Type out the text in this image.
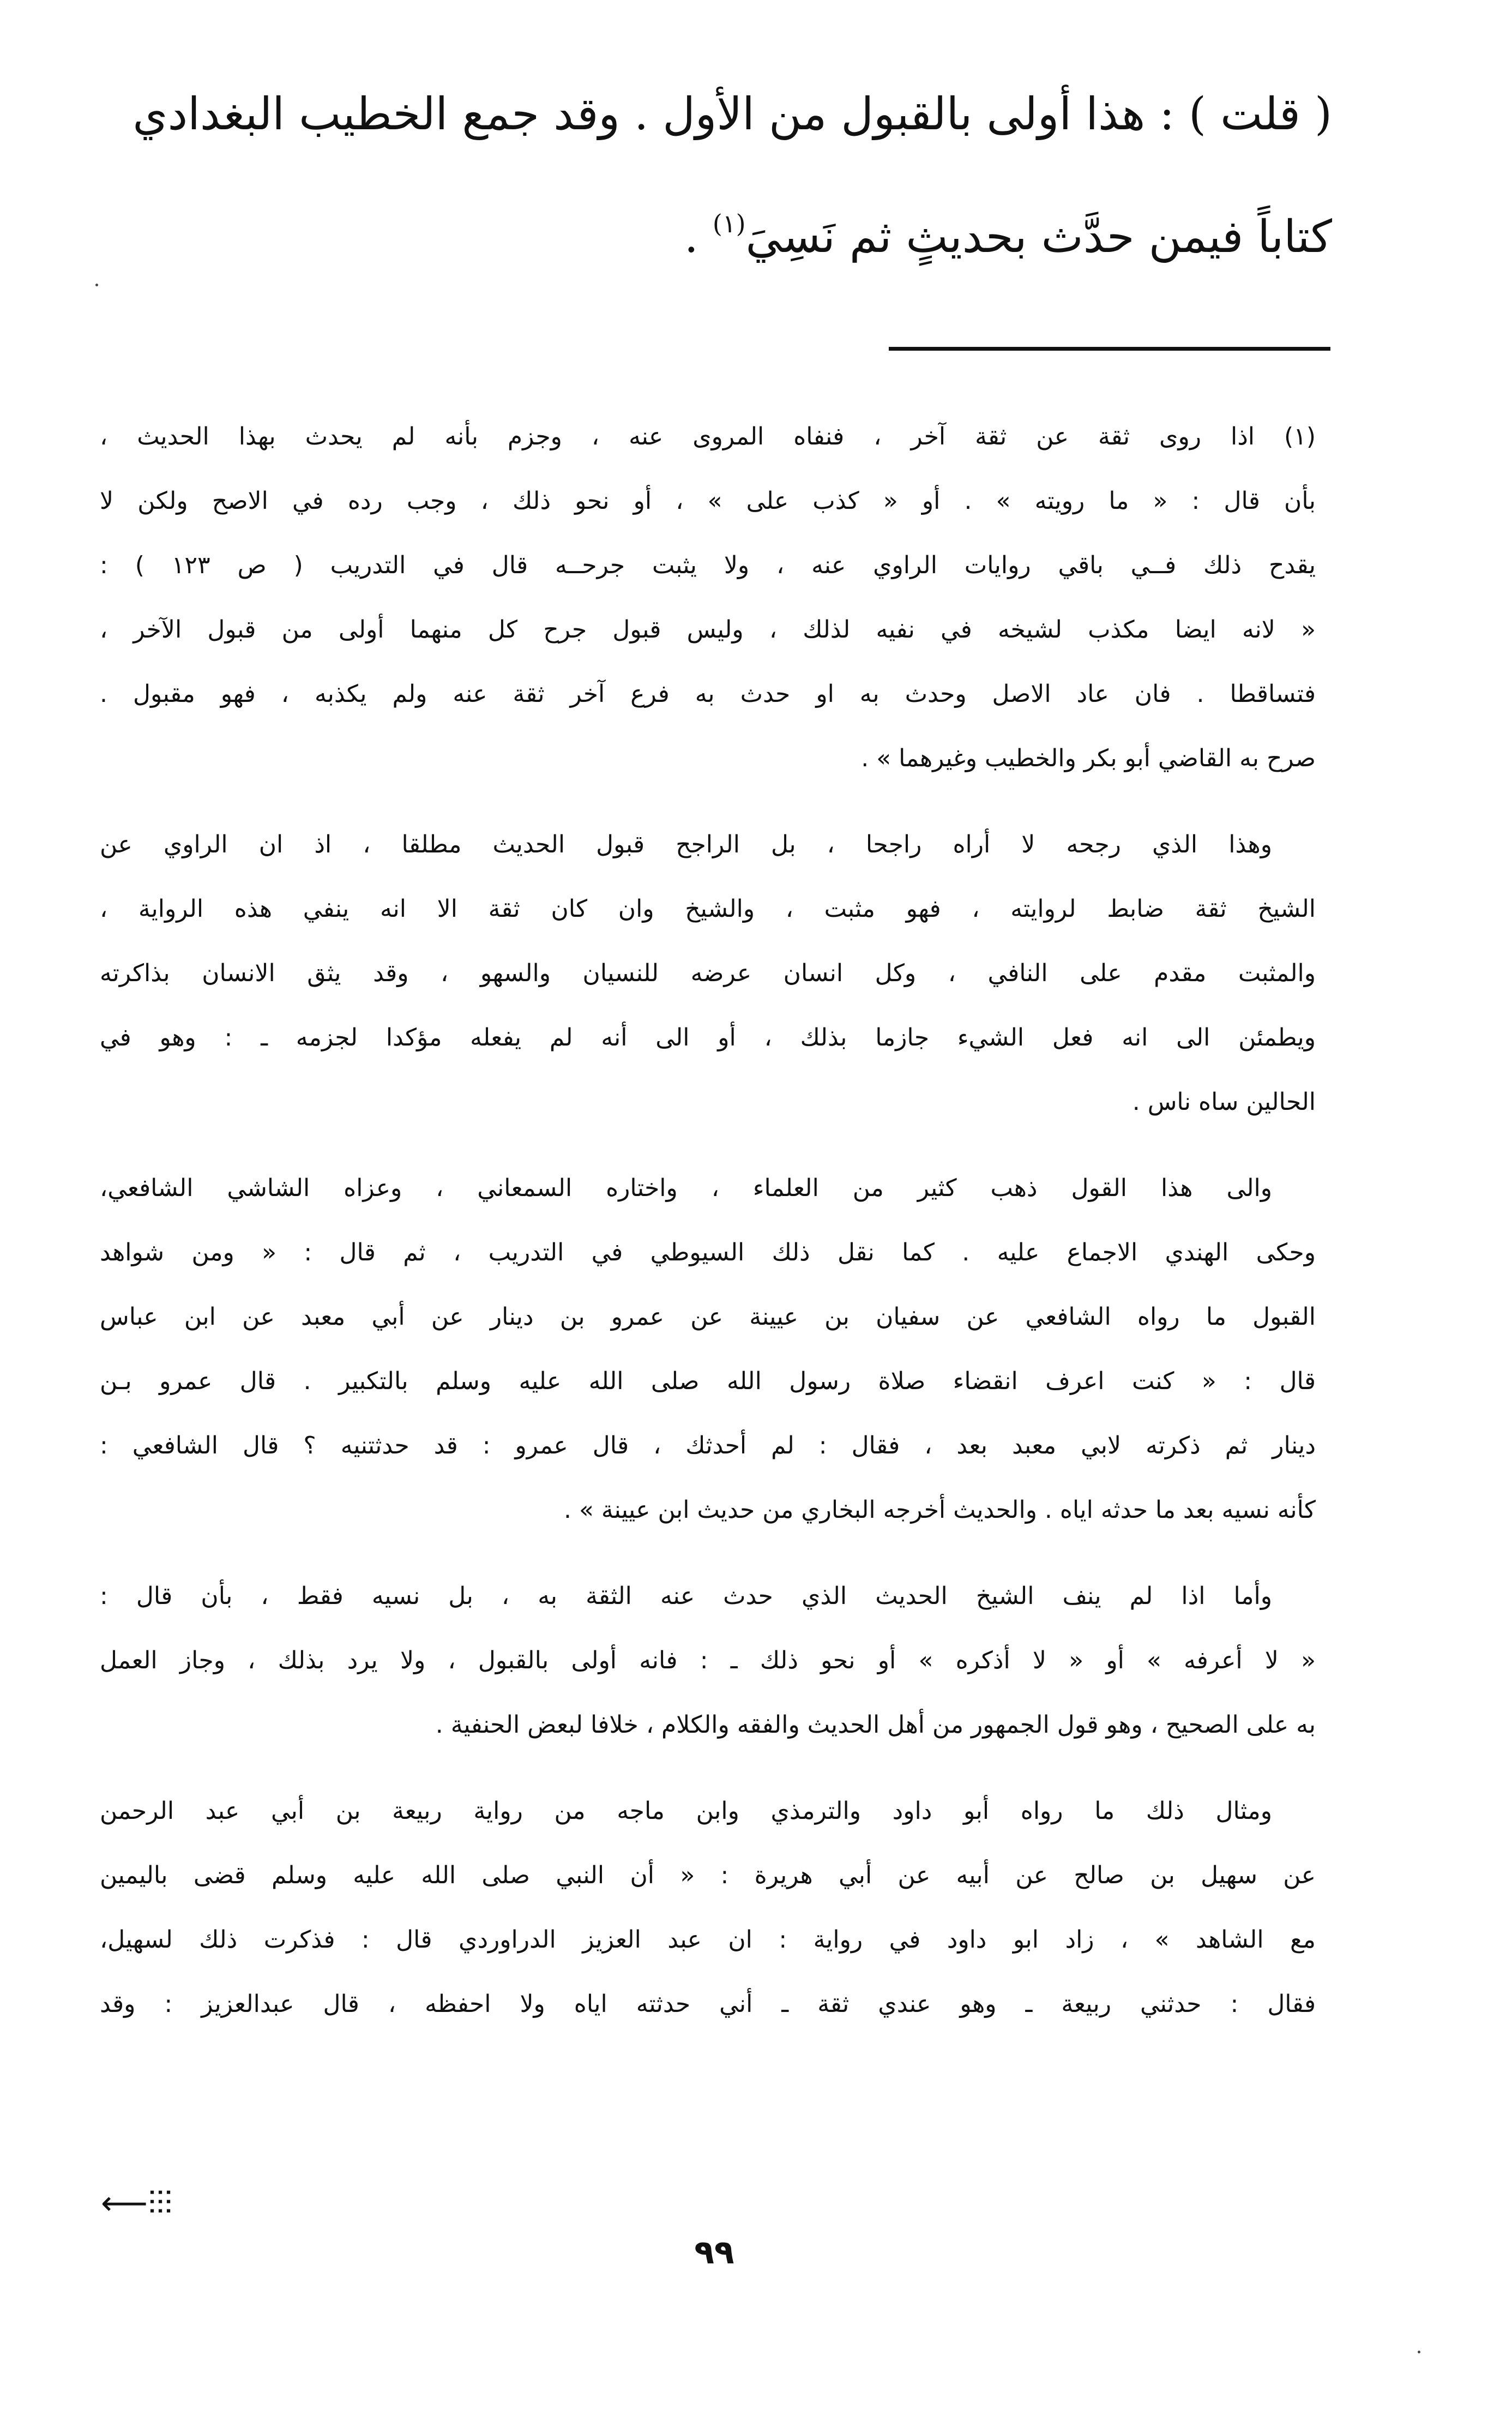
( قلت ) : هذا أولى بالقبول من الأول . وقد جمع الخطيب البغدادي
كتاباً فيمن حدَّث بحديثٍ ثم نَسِيَ$^{(١)}$ .
(١) اذا روى ثقة عن ثقة آخر ، فنفاه المروى عنه ، وجزم بأنه لم يحدث بهذا الحديث ،
بأن قال : « ما رويته » . أو « كذب على » ، أو نحو ذلك ، وجب رده في الاصح ولكن لا
يقدح ذلك فــي باقي روايات الراوي عنه ، ولا يثبت جرحــه قال في التدريب ( ص ١٢٣ ) :
« لانه ايضا مكذب لشيخه في نفيه لذلك ، وليس قبول جرح كل منهما أولى من قبول الآخر ،
فتساقطا . فان عاد الاصل وحدث به او حدث به فرع آخر ثقة عنه ولم يكذبه ، فهو مقبول .
صرح به القاضي أبو بكر والخطيب وغيرهما » .
وهذا الذي رجحه لا أراه راجحا ، بل الراجح قبول الحديث مطلقا ، اذ ان الراوي عن
الشيخ ثقة ضابط لروايته ، فهو مثبت ، والشيخ وان كان ثقة الا انه ينفي هذه الرواية ،
والمثبت مقدم على النافي ، وكل انسان عرضه للنسيان والسهو ، وقد يثق الانسان بذاكرته
ويطمئن الى انه فعل الشيء جازما بذلك ، أو الى أنه لم يفعله مؤكدا لجزمه ـ : وهو في
الحالين ساه ناس .
والى هذا القول ذهب كثير من العلماء ، واختاره السمعاني ، وعزاه الشاشي الشافعي،
وحكى الهندي الاجماع عليه . كما نقل ذلك السيوطي في التدريب ، ثم قال : « ومن شواهد
القبول ما رواه الشافعي عن سفيان بن عيينة عن عمرو بن دينار عن أبي معبد عن ابن عباس
قال : « كنت اعرف انقضاء صلاة رسول الله صلى الله عليه وسلم بالتكبير . قال عمرو بـن
دينار ثم ذكرته لابي معبد بعد ، فقال : لم أحدثك ، قال عمرو : قد حدثتنيه ؟ قال الشافعي :
كأنه نسيه بعد ما حدثه اياه . والحديث أخرجه البخاري من حديث ابن عيينة » .
وأما اذا لم ينف الشيخ الحديث الذي حدث عنه الثقة به ، بل نسيه فقط ، بأن قال :
« لا أعرفه » أو « لا أذكره » أو نحو ذلك ـ : فانه أولى بالقبول ، ولا يرد بذلك ، وجاز العمل
به على الصحيح ، وهو قول الجمهور من أهل الحديث والفقه والكلام ، خلافا لبعض الحنفية .
ومثال ذلك ما رواه أبو داود والترمذي وابن ماجه من رواية ربيعة بن أبي عبد الرحمن
عن سهيل بن صالح عن أبيه عن أبي هريرة : « أن النبي صلى الله عليه وسلم قضى باليمين
مع الشاهد » ، زاد ابو داود في رواية : ان عبد العزيز الدراوردي قال : فذكرت ذلك لسهيل،
فقال : حدثني ربيعة ـ وهو عندي ثقة ـ أني حدثته اياه ولا احفظه ، قال عبدالعزيز : وقد
⟵⫶⫶⫶
٩٩
